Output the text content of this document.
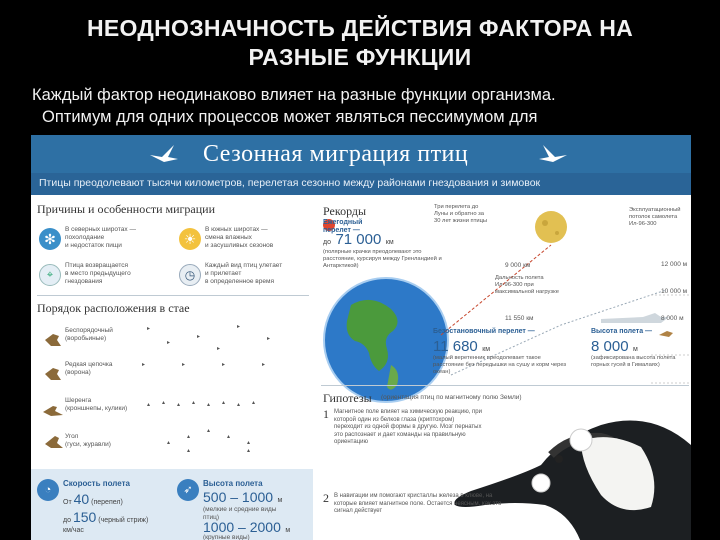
НЕОДНОЗНАЧНОСТЬ ДЕЙСТВИЯ ФАКТОРА НА
РАЗНЫЕ ФУНКЦИИ
Каждый фактор неодинаково влияет на разные функции организма.
Оптимум для одних процессов может являться пессимумом для
Сезонная миграция птиц
Птицы преодолевают тысячи километров, перелетая сезонно между районами гнездования и зимовок
Причины и особенности миграции
✻
В северных широтах —
похолодание
и недостаток пищи	☀
В южных широтах —
смена влажных
и засушливых сезонов
⌖
Птица возвращается
в место предыдущего
гнездования	◷
Каждый вид птиц улетает
и прилетает
в определенное время
Порядок расположения в стае
Беспорядочный
(воробьиные)
Редкая цепочка
(ворона)
Шеренга
(кроншнепы, кулики)
Угол
(гуси, журавли)
▸
▸
▸
▸
▸
▸
▸	▸	▸	▸
▴ ▴ ▴ ▴ ▴ ▴ ▴ ▴
▴
▴
▴
▴
▴
▴	▴
◔
Скорость полета
От 40 (перепел)
до 150 (черный стриж)
км/час
➶
Высота полета
500 – 1000 м
(мелкие и средние виды
птиц)
1000 – 2000 м
(крупные виды)
Рекорды
Ежегодный перелет —
до 71 000 км
(полярные крачки преодолевают это расстояние, курсируя между Гренландией и Антарктикой)
Три перелета до Луны и обратно за 30 лет жизни птицы
Эксплуатационный потолок самолета Ил-96-300
9 000 км
Дальность полета Ил-96-300 при максимальной нагрузке
11 550 км
12 000 м
10 000 м
8 000 м
Безостановочный перелет —
11 680 км
(малый веретенник преодолевает такое расстояние без передышки на сушу и корм через океан)
Высота полета —
8 000 м
(зафиксирована высота полета горных гусей в Гималаях)
Гипотезы (ориентация птиц по магнитному полю Земли)
1 Магнитное поле влияет на химическую реакцию, при которой один из белков глаза (криптохром) переходит из одной формы в другую. Мозг пернатых это распознает и дает команды на правильную ориентацию
2 В навигации им помогают кристаллы железа в клюве, на которые влияет магнитное поле. Остается неясным, как это сигнал действует
